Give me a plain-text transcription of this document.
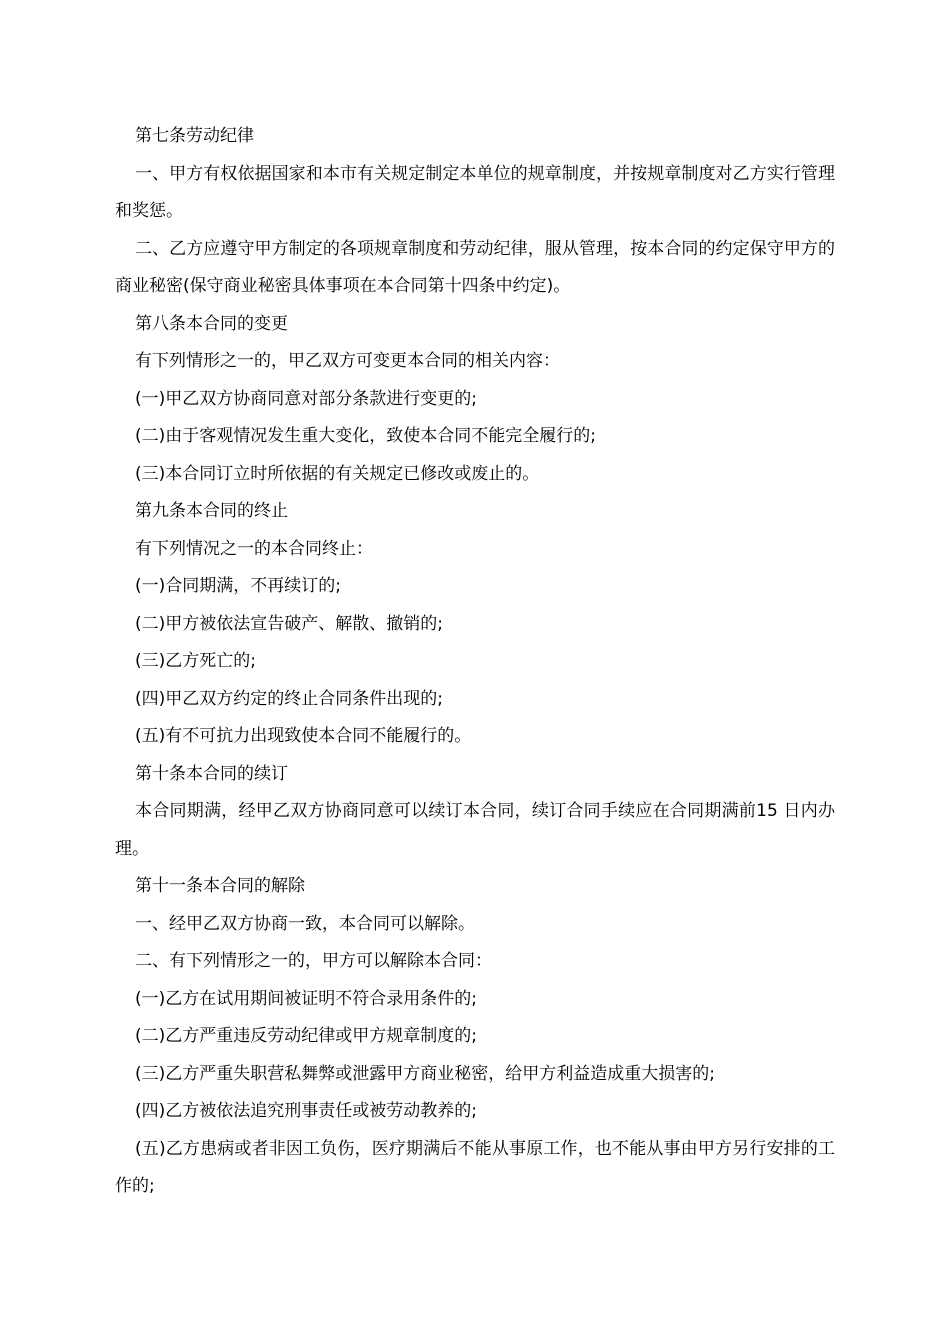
第七条劳动纪律

一、甲方有权依据国家和本市有关规定制定本单位的规章制度，并按规章制度对乙方实行管理和奖惩。

二、乙方应遵守甲方制定的各项规章制度和劳动纪律，服从管理，按本合同的约定保守甲方的商业秘密(保守商业秘密具体事项在本合同第十四条中约定)。

第八条本合同的变更

有下列情形之一的，甲乙双方可变更本合同的相关内容：

(一)甲乙双方协商同意对部分条款进行变更的;

(二)由于客观情况发生重大变化，致使本合同不能完全履行的;

(三)本合同订立时所依据的有关规定已修改或废止的。

第九条本合同的终止

有下列情况之一的本合同终止：

(一)合同期满，不再续订的;

(二)甲方被依法宣告破产、解散、撤销的;

(三)乙方死亡的;

(四)甲乙双方约定的终止合同条件出现的;

(五)有不可抗力出现致使本合同不能履行的。

第十条本合同的续订

本合同期满，经甲乙双方协商同意可以续订本合同，续订合同手续应在合同期满前15 日内办理。

第十一条本合同的解除

一、经甲乙双方协商一致，本合同可以解除。

二、有下列情形之一的，甲方可以解除本合同：

(一)乙方在试用期间被证明不符合录用条件的;

(二)乙方严重违反劳动纪律或甲方规章制度的;

(三)乙方严重失职营私舞弊或泄露甲方商业秘密，给甲方利益造成重大损害的;

(四)乙方被依法追究刑事责任或被劳动教养的;

(五)乙方患病或者非因工负伤，医疗期满后不能从事原工作，也不能从事由甲方另行安排的工作的;
